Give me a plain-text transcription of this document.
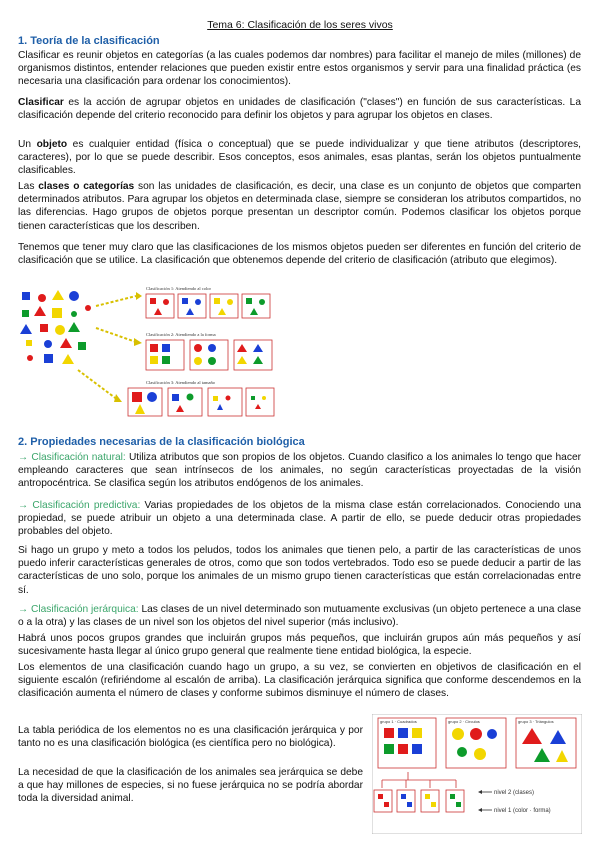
Tema 6: Clasificación de los seres vivos
1. Teoría de la clasificación

Clasificar es reunir objetos en categorías (a las cuales podemos dar nombres) para facilitar el manejo de miles (millones) de organismos distintos, entender relaciones que pueden existir entre estos organismos y servir para una finalidad práctica (es necesaria una clasificación para ordenar los conocimientos).

Clasificar es la acción de agrupar objetos en unidades de clasificación ("clases") en función de sus características. La clasificación depende del criterio reconocido para definir los objetos y para agrupar los objetos en clases.

Un objeto es cualquier entidad (física o conceptual) que se puede individualizar y que tiene atributos (descriptores, caracteres), por lo que se puede describir. Esos conceptos, esos animales, esas plantas, serán los objetos puntualmente clasificables.

Las clases o categorías son las unidades de clasificación, es decir, una clase es un conjunto de objetos que comparten determinados atributos. Para agrupar los objetos en determinada clase, siempre se consideran los atributos compartidos, no las diferencias. Hago grupos de objetos porque presentan un descriptor común. Podemos clasificar los objetos porque tienen características que los describen.

Tenemos que tener muy claro que las clasificaciones de los mismos objetos pueden ser diferentes en función del criterio de clasificación que se utilice. La clasificación que obtenemos depende del criterio de clasificación (atributo que elegimos).

Clasificación 1: Atendiendo al color
Clasificación 2: Atendiendo a la forma
Clasificación 3: Atendiendo al tamaño
2. Propiedades necesarias de la clasificación biológica

→ Clasificación natural: Utiliza atributos que son propios de los objetos. Cuando clasifico a los animales lo tengo que hacer empleando caracteres que sean intrínsecos de los animales, no según características proyectadas de la visión antropocéntrica. Se clasifica según los atributos endógenos de los animales.

→ Clasificación predictiva: Varias propiedades de los objetos de la misma clase están correlacionados. Conociendo una propiedad, se puede atribuir un objeto a una determinada clase. A partir de ello, se puede deducir otras propiedades probables del objeto.

Si hago un grupo y meto a todos los peludos, todos los animales que tienen pelo, a partir de las características de unos puedo inferir características generales de otros, como que son todos vertebrados. Todo eso se puede deducir a partir de las características de uno solo, porque los animales de un mismo grupo tienen características que están correlacionadas entre sí.

→ Clasificación jerárquica: Las clases de un nivel determinado son mutuamente exclusivas (un objeto pertenece a una clase o a la otra) y las clases de un nivel son los objetos del nivel superior (más inclusivo).

Habrá unos pocos grupos grandes que incluirán grupos más pequeños, que incluirán grupos aún más pequeños y así sucesivamente hasta llegar al único grupo general que realmente tiene entidad biológica, la especie.

Los elementos de una clasificación cuando hago un grupo, a su vez, se convierten en objetivos de clasificación en el siguiente escalón (refiriéndome al escalón de arriba). La clasificación jerárquica significa que conforme descendemos en la clasificación aumenta el número de clases y conforme subimos disminuye el número de clases.

La tabla periódica de los elementos no es una clasificación jerárquica y por tanto no es una clasificación biológica (es científica pero no biológica).

La necesidad de que la clasificación de los animales sea jerárquica se debe a que hay millones de especies, si no fuese jerárquica no se podría abordar toda la diversidad animal.

grupo 1 · Cuadrados	grupo 2 · Círculos	grupo 3 · Triángulos
nivel 2 (clases)
nivel 1 (color · forma)
